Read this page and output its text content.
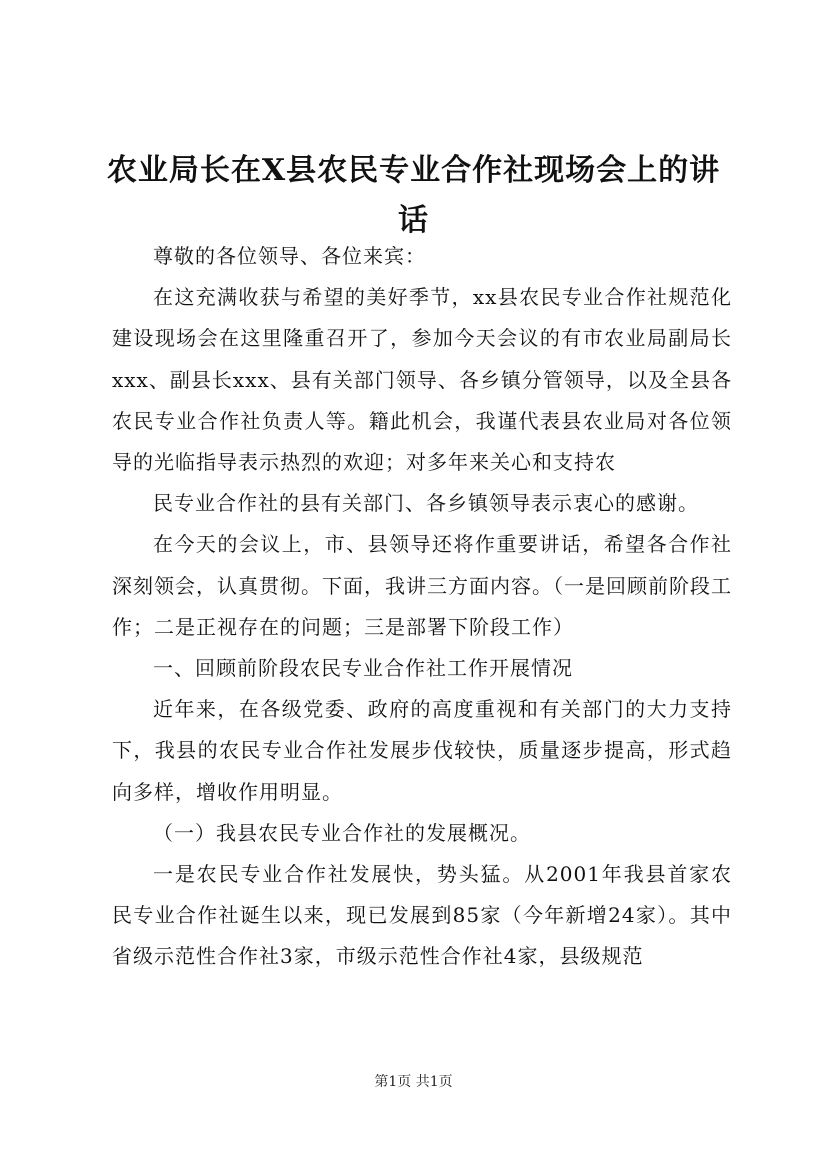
农业局长在X县农民专业合作社现场会上的讲话

尊敬的各位领导、各位来宾：

在这充满收获与希望的美好季节，xx县农民专业合作社规范化建设现场会在这里隆重召开了，参加今天会议的有市农业局副局长xxx、副县长xxx、县有关部门领导、各乡镇分管领导，以及全县各农民专业合作社负责人等。籍此机会，我谨代表县农业局对各位领导的光临指导表示热烈的欢迎；对多年来关心和支持农

民专业合作社的县有关部门、各乡镇领导表示衷心的感谢。

在今天的会议上，市、县领导还将作重要讲话，希望各合作社深刻领会，认真贯彻。下面，我讲三方面内容。（一是回顾前阶段工作；二是正视存在的问题；三是部署下阶段工作）

一、回顾前阶段农民专业合作社工作开展情况

近年来，在各级党委、政府的高度重视和有关部门的大力支持下，我县的农民专业合作社发展步伐较快，质量逐步提高，形式趋向多样，增收作用明显。

（一）我县农民专业合作社的发展概况。

一是农民专业合作社发展快，势头猛。从2001年我县首家农民专业合作社诞生以来，现已发展到85家（今年新增24家）。其中省级示范性合作社3家，市级示范性合作社4家，县级规范

第1页 共1页
